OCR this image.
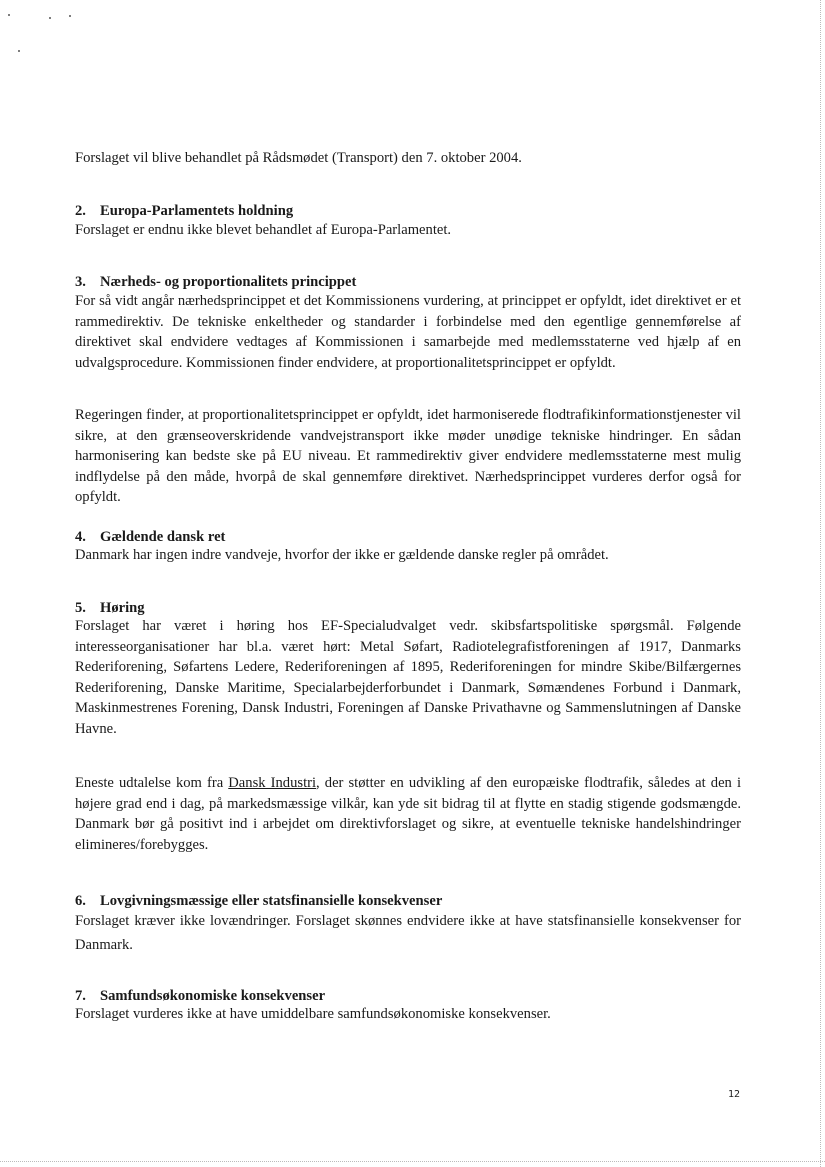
Forslaget vil blive behandlet på Rådsmødet (Transport) den 7. oktober 2004.

2. Europa-Parlamentets holdning

Forslaget er endnu ikke blevet behandlet af Europa-Parlamentet.

3. Nærheds- og proportionalitets princippet

For så vidt angår nærhedsprincippet et det Kommissionens vurdering, at princippet er opfyldt, idet direktivet er et rammedirektiv. De tekniske enkeltheder og standarder i forbindelse med den egentlige gennemførelse af direktivet skal endvidere vedtages af Kommissionen i samarbejde med medlemsstaterne ved hjælp af en udvalgsprocedure. Kommissionen finder endvidere, at proportionalitetsprincippet er opfyldt.

Regeringen finder, at proportionalitetsprincippet er opfyldt, idet harmoniserede flodtrafikinformationstjenester vil sikre, at den grænseoverskridende vandvejstransport ikke møder unødige tekniske hindringer. En sådan harmonisering kan bedste ske på EU niveau. Et rammedirektiv giver endvidere medlemsstaterne mest mulig indflydelse på den måde, hvorpå de skal gennemføre direktivet. Nærhedsprincippet vurderes derfor også for opfyldt.

4. Gældende dansk ret

Danmark har ingen indre vandveje, hvorfor der ikke er gældende danske regler på området.

5. Høring

Forslaget har været i høring hos EF-Specialudvalget vedr. skibsfartspolitiske spørgsmål. Følgende interesseorganisationer har bl.a. været hørt: Metal Søfart, Radiotelegrafistforeningen af 1917, Danmarks Rederiforening, Søfartens Ledere, Rederiforeningen af 1895, Rederiforeningen for mindre Skibe/Bilfærgernes Rederiforening, Danske Maritime, Specialarbejderforbundet i Danmark, Sømændenes Forbund i Danmark, Maskinmestrenes Forening, Dansk Industri, Foreningen af Danske Privathavne og Sammenslutningen af Danske Havne.

Eneste udtalelse kom fra Dansk Industri, der støtter en udvikling af den europæiske flodtrafik, således at den i højere grad end i dag, på markedsmæssige vilkår, kan yde sit bidrag til at flytte en stadig stigende godsmængde. Danmark bør gå positivt ind i arbejdet om direktivforslaget og sikre, at eventuelle tekniske handelshindringer elimineres/forebygges.

6. Lovgivningsmæssige eller statsfinansielle konsekvenser

Forslaget kræver ikke lovændringer. Forslaget skønnes endvidere ikke at have statsfinansielle konsekvenser for Danmark.

7. Samfundsøkonomiske konsekvenser

Forslaget vurderes ikke at have umiddelbare samfundsøkonomiske konsekvenser.

12
